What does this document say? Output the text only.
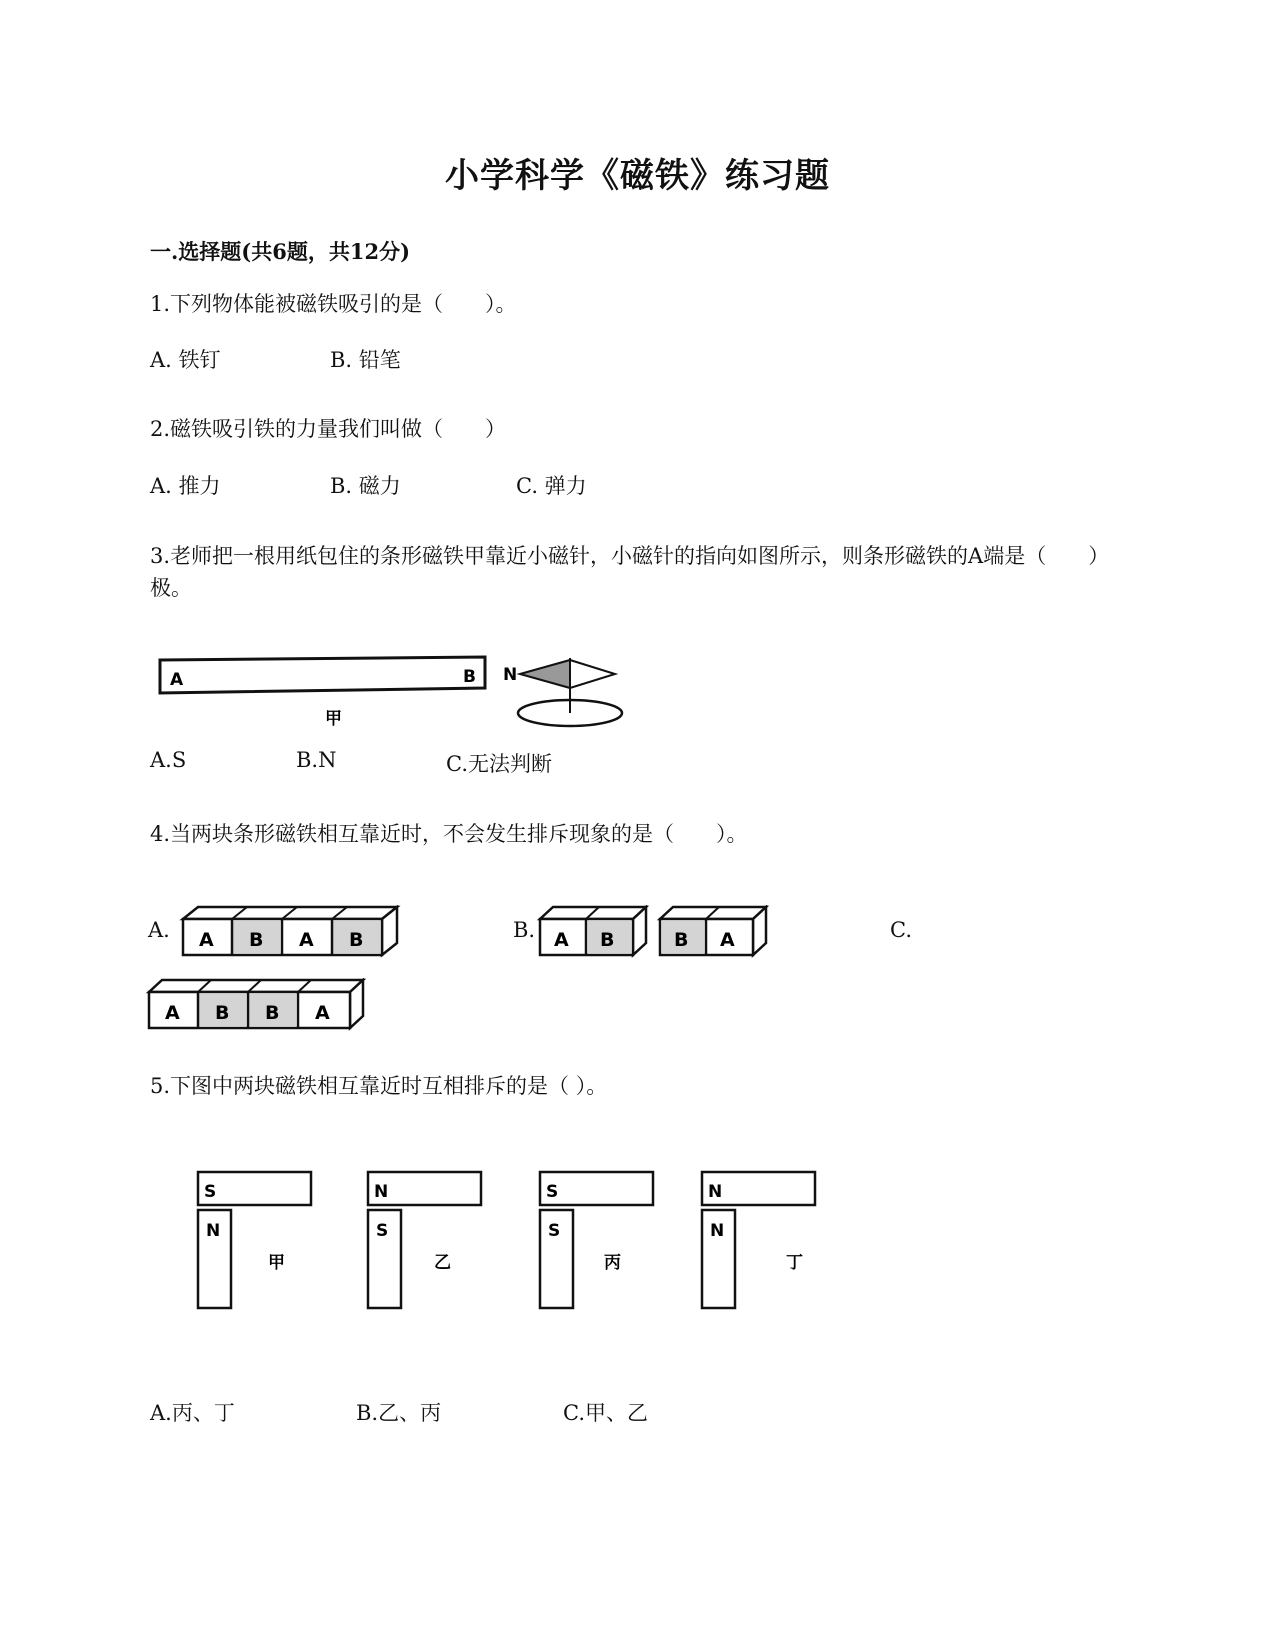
小学科学《磁铁》练习题
一.选择题(共6题，共12分)
1.下列物体能被磁铁吸引的是（　　）。
A. 铁钉	B. 铅笔
2.磁铁吸引铁的力量我们叫做（　　）
A. 推力	B. 磁力	C. 弹力
3.老师把一根用纸包住的条形磁铁甲靠近小磁针，小磁针的指向如图所示，则条形磁铁的A端是（　　）极。
A	B
甲
N
A.S	B.N	C.无法判断
4.当两块条形磁铁相互靠近时，不会发生排斥现象的是（　　）。
A. A B A B	B. A B	B A	C.
A B B A
5.下图中两块磁铁相互靠近时互相排斥的是（ ）。
S
N
甲
N
S
乙
S
S
丙
N
N
丁
A.丙、丁	B.乙、丙	C.甲、乙
